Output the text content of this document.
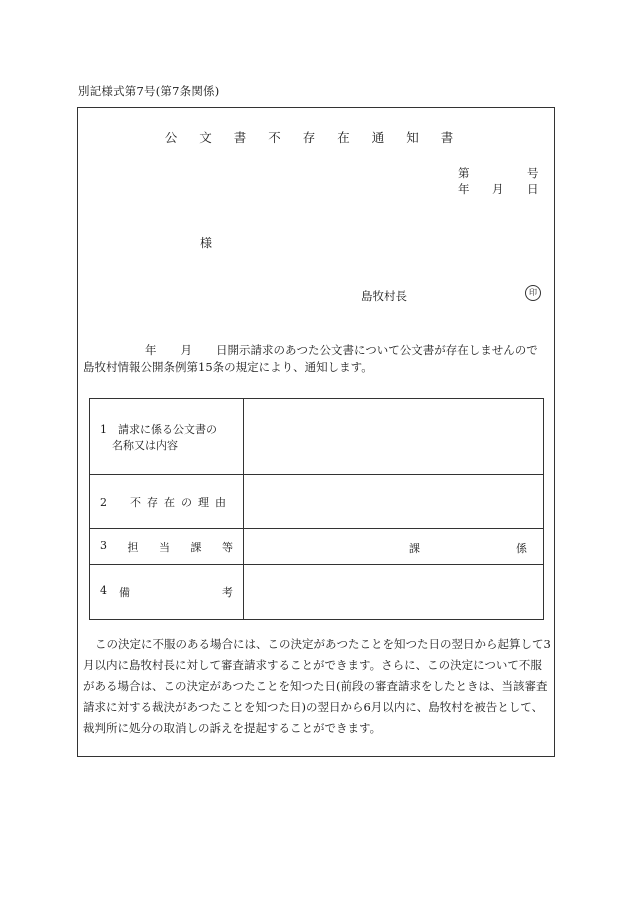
別記様式第7号(第7条関係)
公文書不存在通知書
第	号
年 月 日
様
島牧村長	印
年 月 日開示請求のあつた公文書について公文書が存在しませんので
島牧村情報公開条例第15条の規定により、通知します。
1　請求に係る公文書の
名称又は内容	

2　不存在の理由	

3 担 当 課 等	課 係

4 備 考	

この決定に不服のある場合には、この決定があつたことを知つた日の翌日から起算して3月以内に島牧村長に対して審査請求することができます。さらに、この決定について不服がある場合は、この決定があつたことを知つた日(前段の審査請求をしたときは、当該審査請求に対する裁決があつたことを知つた日)の翌日から6月以内に、島牧村を被告として、裁判所に処分の取消しの訴えを提起することができます。
